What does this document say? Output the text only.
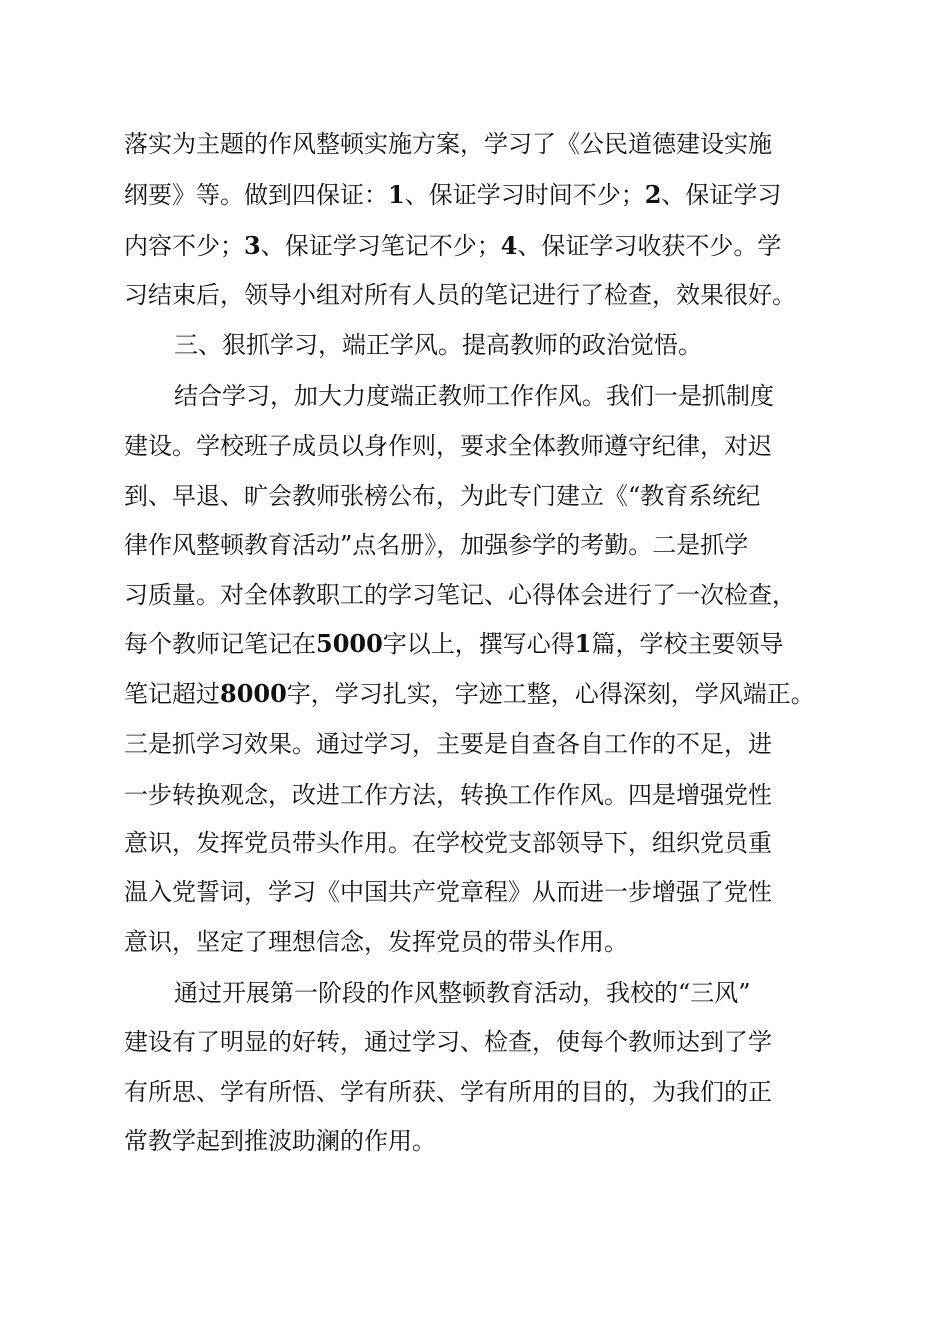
落实为主题的作风整顿实施方案，学习了《公民道德建设实施
纲要》等。做到四保证：1、保证学习时间不少；2、保证学习
内容不少；3、保证学习笔记不少；4、保证学习收获不少。学
习结束后，领导小组对所有人员的笔记进行了检查，效果很好。
三、狠抓学习，端正学风。提高教师的政治觉悟。
结合学习，加大力度端正教师工作作风。我们一是抓制度
建设。学校班子成员以身作则，要求全体教师遵守纪律，对迟
到、早退、旷会教师张榜公布，为此专门建立《“教育系统纪
律作风整顿教育活动”点名册》，加强参学的考勤。二是抓学
习质量。对全体教职工的学习笔记、心得体会进行了一次检查，
每个教师记笔记在5000字以上，撰写心得1篇，学校主要领导
笔记超过8000字，学习扎实，字迹工整，心得深刻，学风端正。
三是抓学习效果。通过学习，主要是自查各自工作的不足，进
一步转换观念，改进工作方法，转换工作作风。四是增强党性
意识，发挥党员带头作用。在学校党支部领导下，组织党员重
温入党誓词，学习《中国共产党章程》从而进一步增强了党性
意识，坚定了理想信念，发挥党员的带头作用。
通过开展第一阶段的作风整顿教育活动，我校的“三风”
建设有了明显的好转，通过学习、检查，使每个教师达到了学
有所思、学有所悟、学有所获、学有所用的目的，为我们的正
常教学起到推波助澜的作用。
